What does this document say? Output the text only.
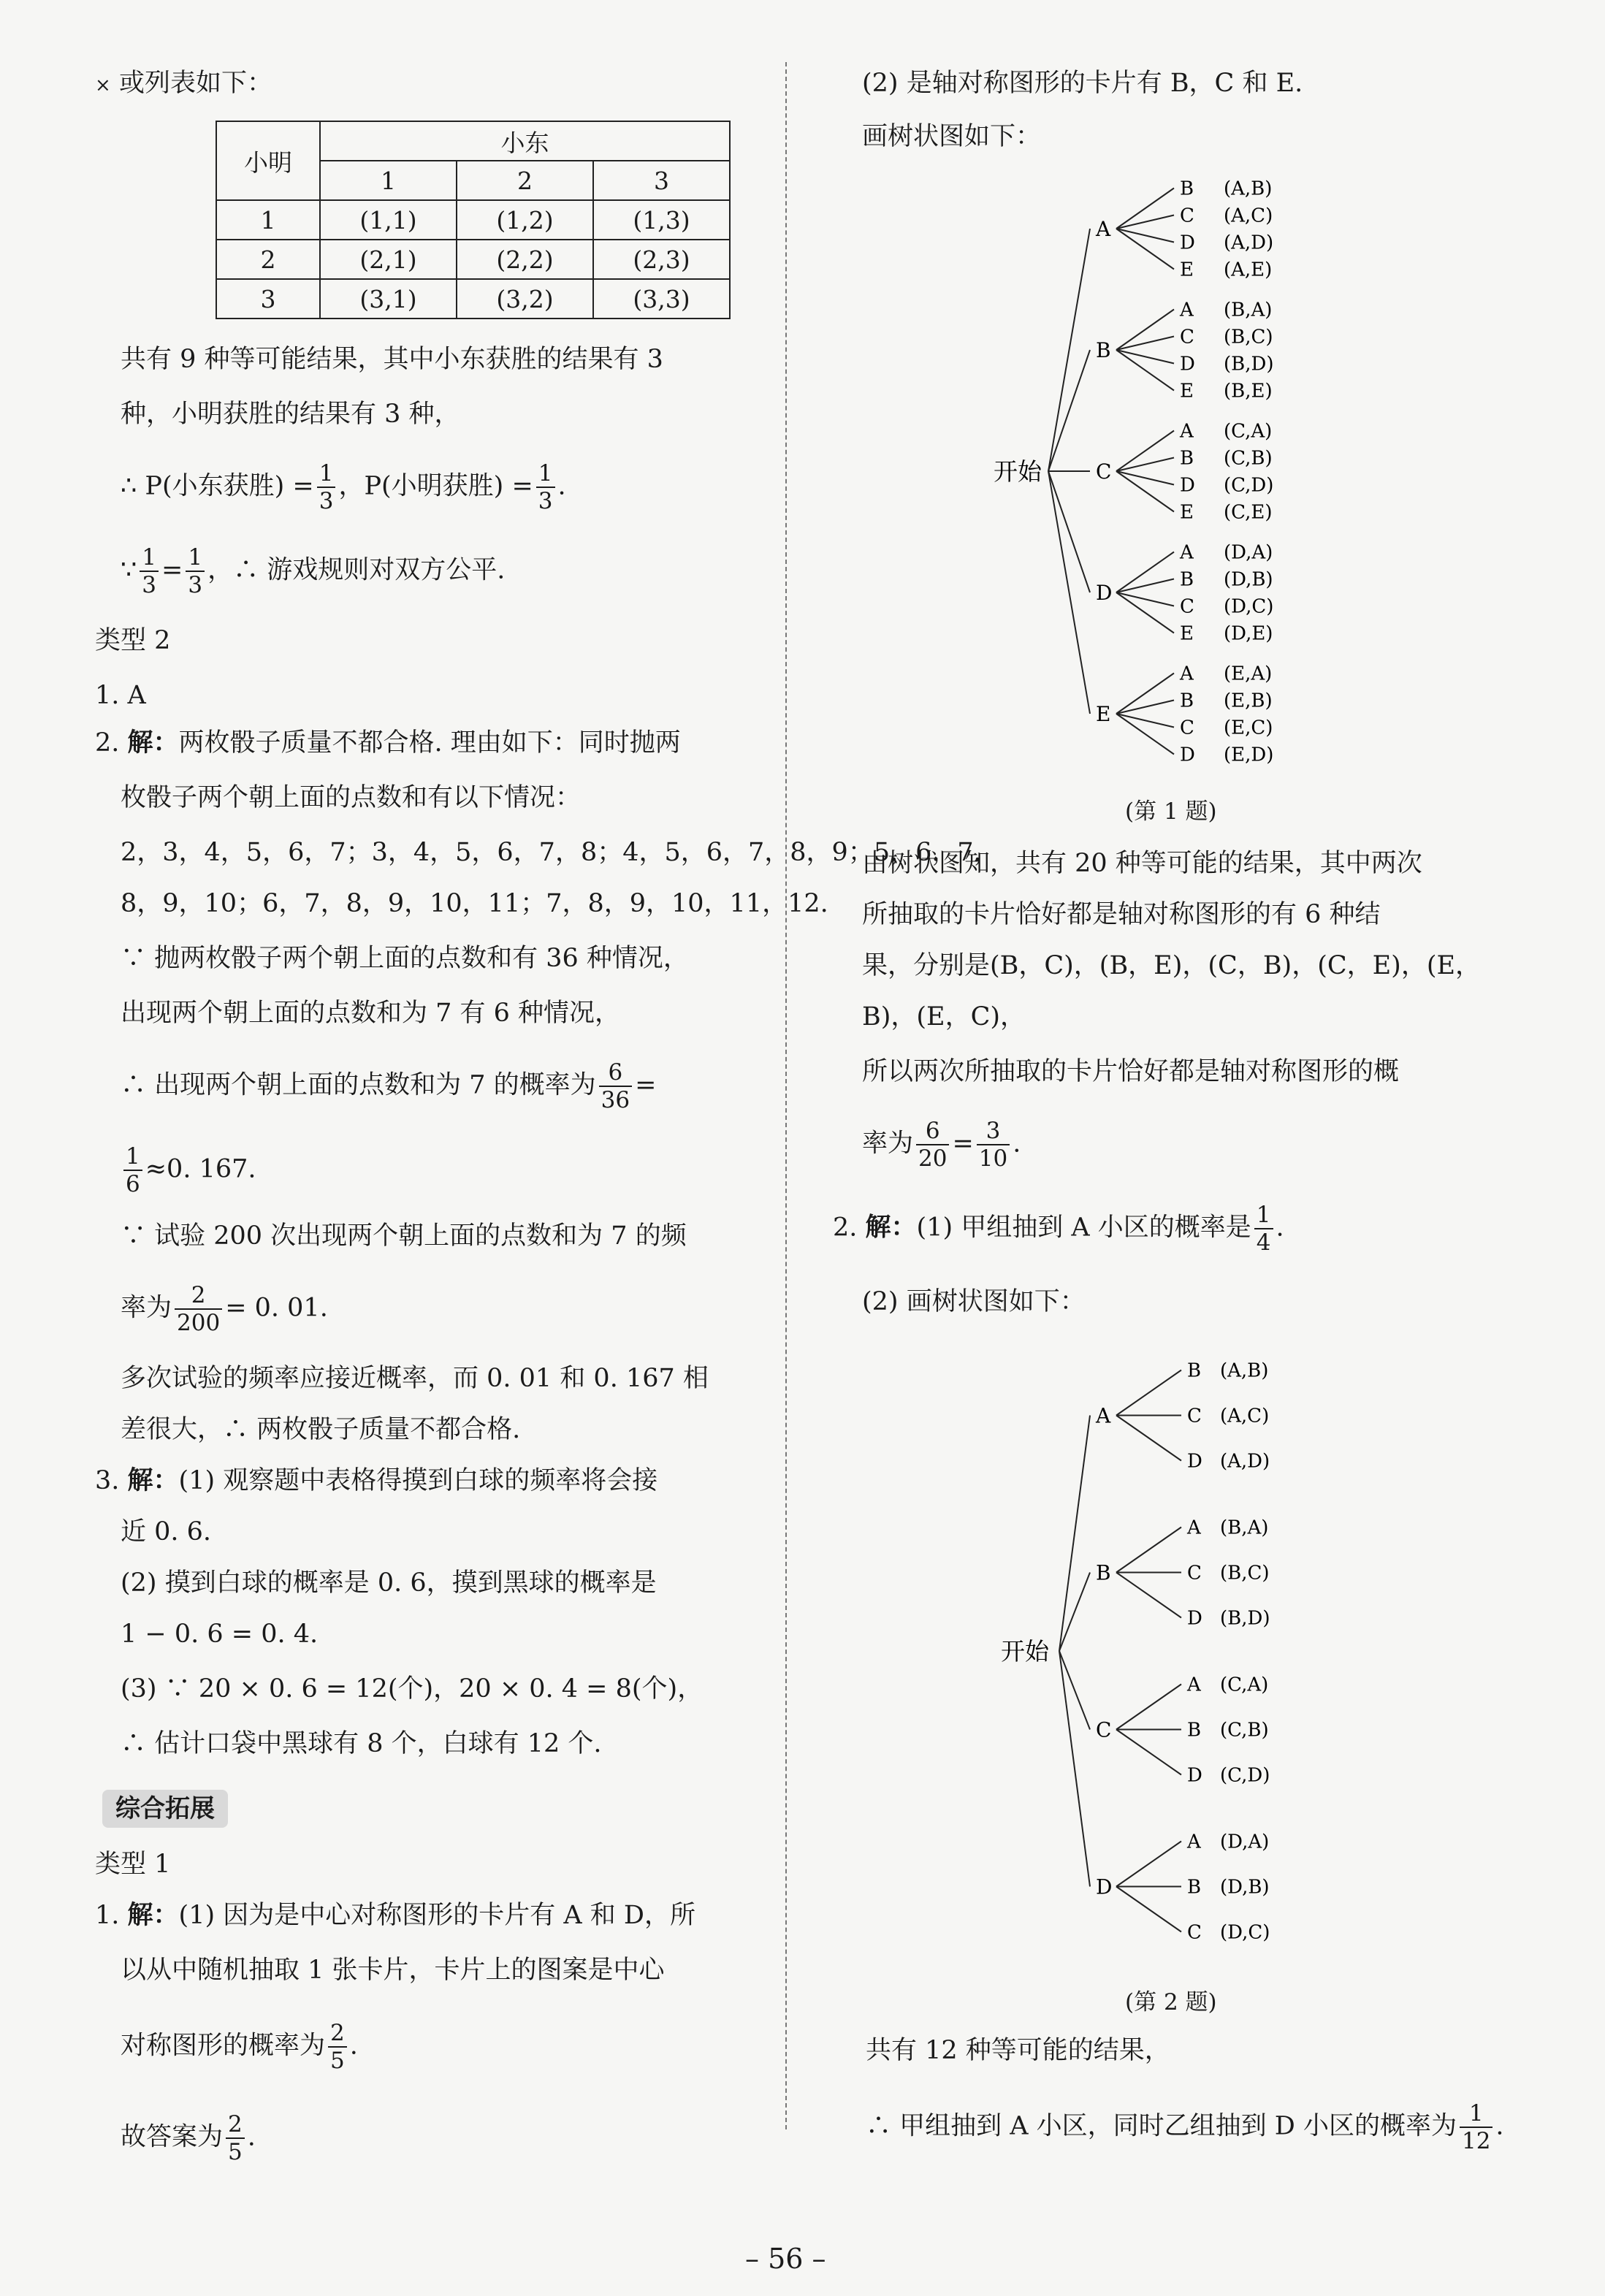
× 或列表如下：
小明	小东		
	1	2	3
1	(1,1)	(1,2)	(1,3)
2	(2,1)	(2,2)	(2,3)
3	(3,1)	(3,2)	(3,3)
共有 9 种等可能结果，其中小东获胜的结果有 3
种，小明获胜的结果有 3 种，
∴ P(小东获胜) = $\frac{1}{3}$ ，P(小明获胜) = $\frac{1}{3}$ .
∵ $\frac{1}{3} = \frac{1}{3}$ ，∴ 游戏规则对双方公平.
类型 2
1. A
2. 解：两枚骰子质量不都合格. 理由如下：同时抛两
枚骰子两个朝上面的点数和有以下情况：
2，3，4，5，6，7；3，4，5，6，7，8；4，5，6，7，8，9；5，6，7，
8，9，10；6，7，8，9，10，11；7，8，9，10，11，12.
∵ 抛两枚骰子两个朝上面的点数和有 36 种情况，
出现两个朝上面的点数和为 7 有 6 种情况，
∴ 出现两个朝上面的点数和为 7 的概率为 $\frac{6}{36}$ =
$\frac{1}{6} \approx 0$. 167.
∵ 试验 200 次出现两个朝上面的点数和为 7 的频
率为 $\frac{2}{200} = 0$. 01.
多次试验的频率应接近概率，而 0. 01 和 0. 167 相
差很大，∴ 两枚骰子质量不都合格.
3. 解：(1) 观察题中表格得摸到白球的频率将会接
近 0. 6.
(2) 摸到白球的概率是 0. 6，摸到黑球的概率是
1 − 0. 6 = 0. 4.
(3) ∵ 20 × 0. 6 = 12(个)，20 × 0. 4 = 8(个)，
∴ 估计口袋中黑球有 8 个，白球有 12 个.
综合拓展
类型 1
1. 解：(1) 因为是中心对称图形的卡片有 A 和 D，所
以从中随机抽取 1 张卡片，卡片上的图案是中心
对称图形的概率为 $\frac{2}{5}$ .
故答案为 $\frac{2}{5}$ .
(2) 是轴对称图形的卡片有 B，C 和 E.
画树状图如下：
开始
A
B (A,B)
C (A,C)
D (A,D)
E (A,E)
B
A (B,A)
C (B,C)
D (B,D)
E (B,E)
C
A (C,A)
B (C,B)
D (C,D)
E (C,E)
D
A (D,A)
B (D,B)
C (D,C)
E (D,E)
E
A (E,A)
B (E,B)
C (E,C)
D (E,D)
(第 1 题)
由树状图知，共有 20 种等可能的结果，其中两次
所抽取的卡片恰好都是轴对称图形的有 6 种结
果，分别是(B，C)，(B，E)，(C，B)，(C，E)，(E，
B)，(E，C)，
所以两次所抽取的卡片恰好都是轴对称图形的概
率为 $\frac{6}{20} = \frac{3}{10}$ .
2. 解：(1) 甲组抽到 A 小区的概率是 $\frac{1}{4}$ .
(2) 画树状图如下：
开始
A
B (A,B)
C (A,C)
D (A,D)
B
A (B,A)
C (B,C)
D (B,D)
C
A (C,A)
B (C,B)
D (C,D)
D
A (D,A)
B (D,B)
C (D,C)
(第 2 题)
共有 12 种等可能的结果，
∴ 甲组抽到 A 小区，同时乙组抽到 D 小区的概率为 $\frac{1}{12}$ .
– 56 –
